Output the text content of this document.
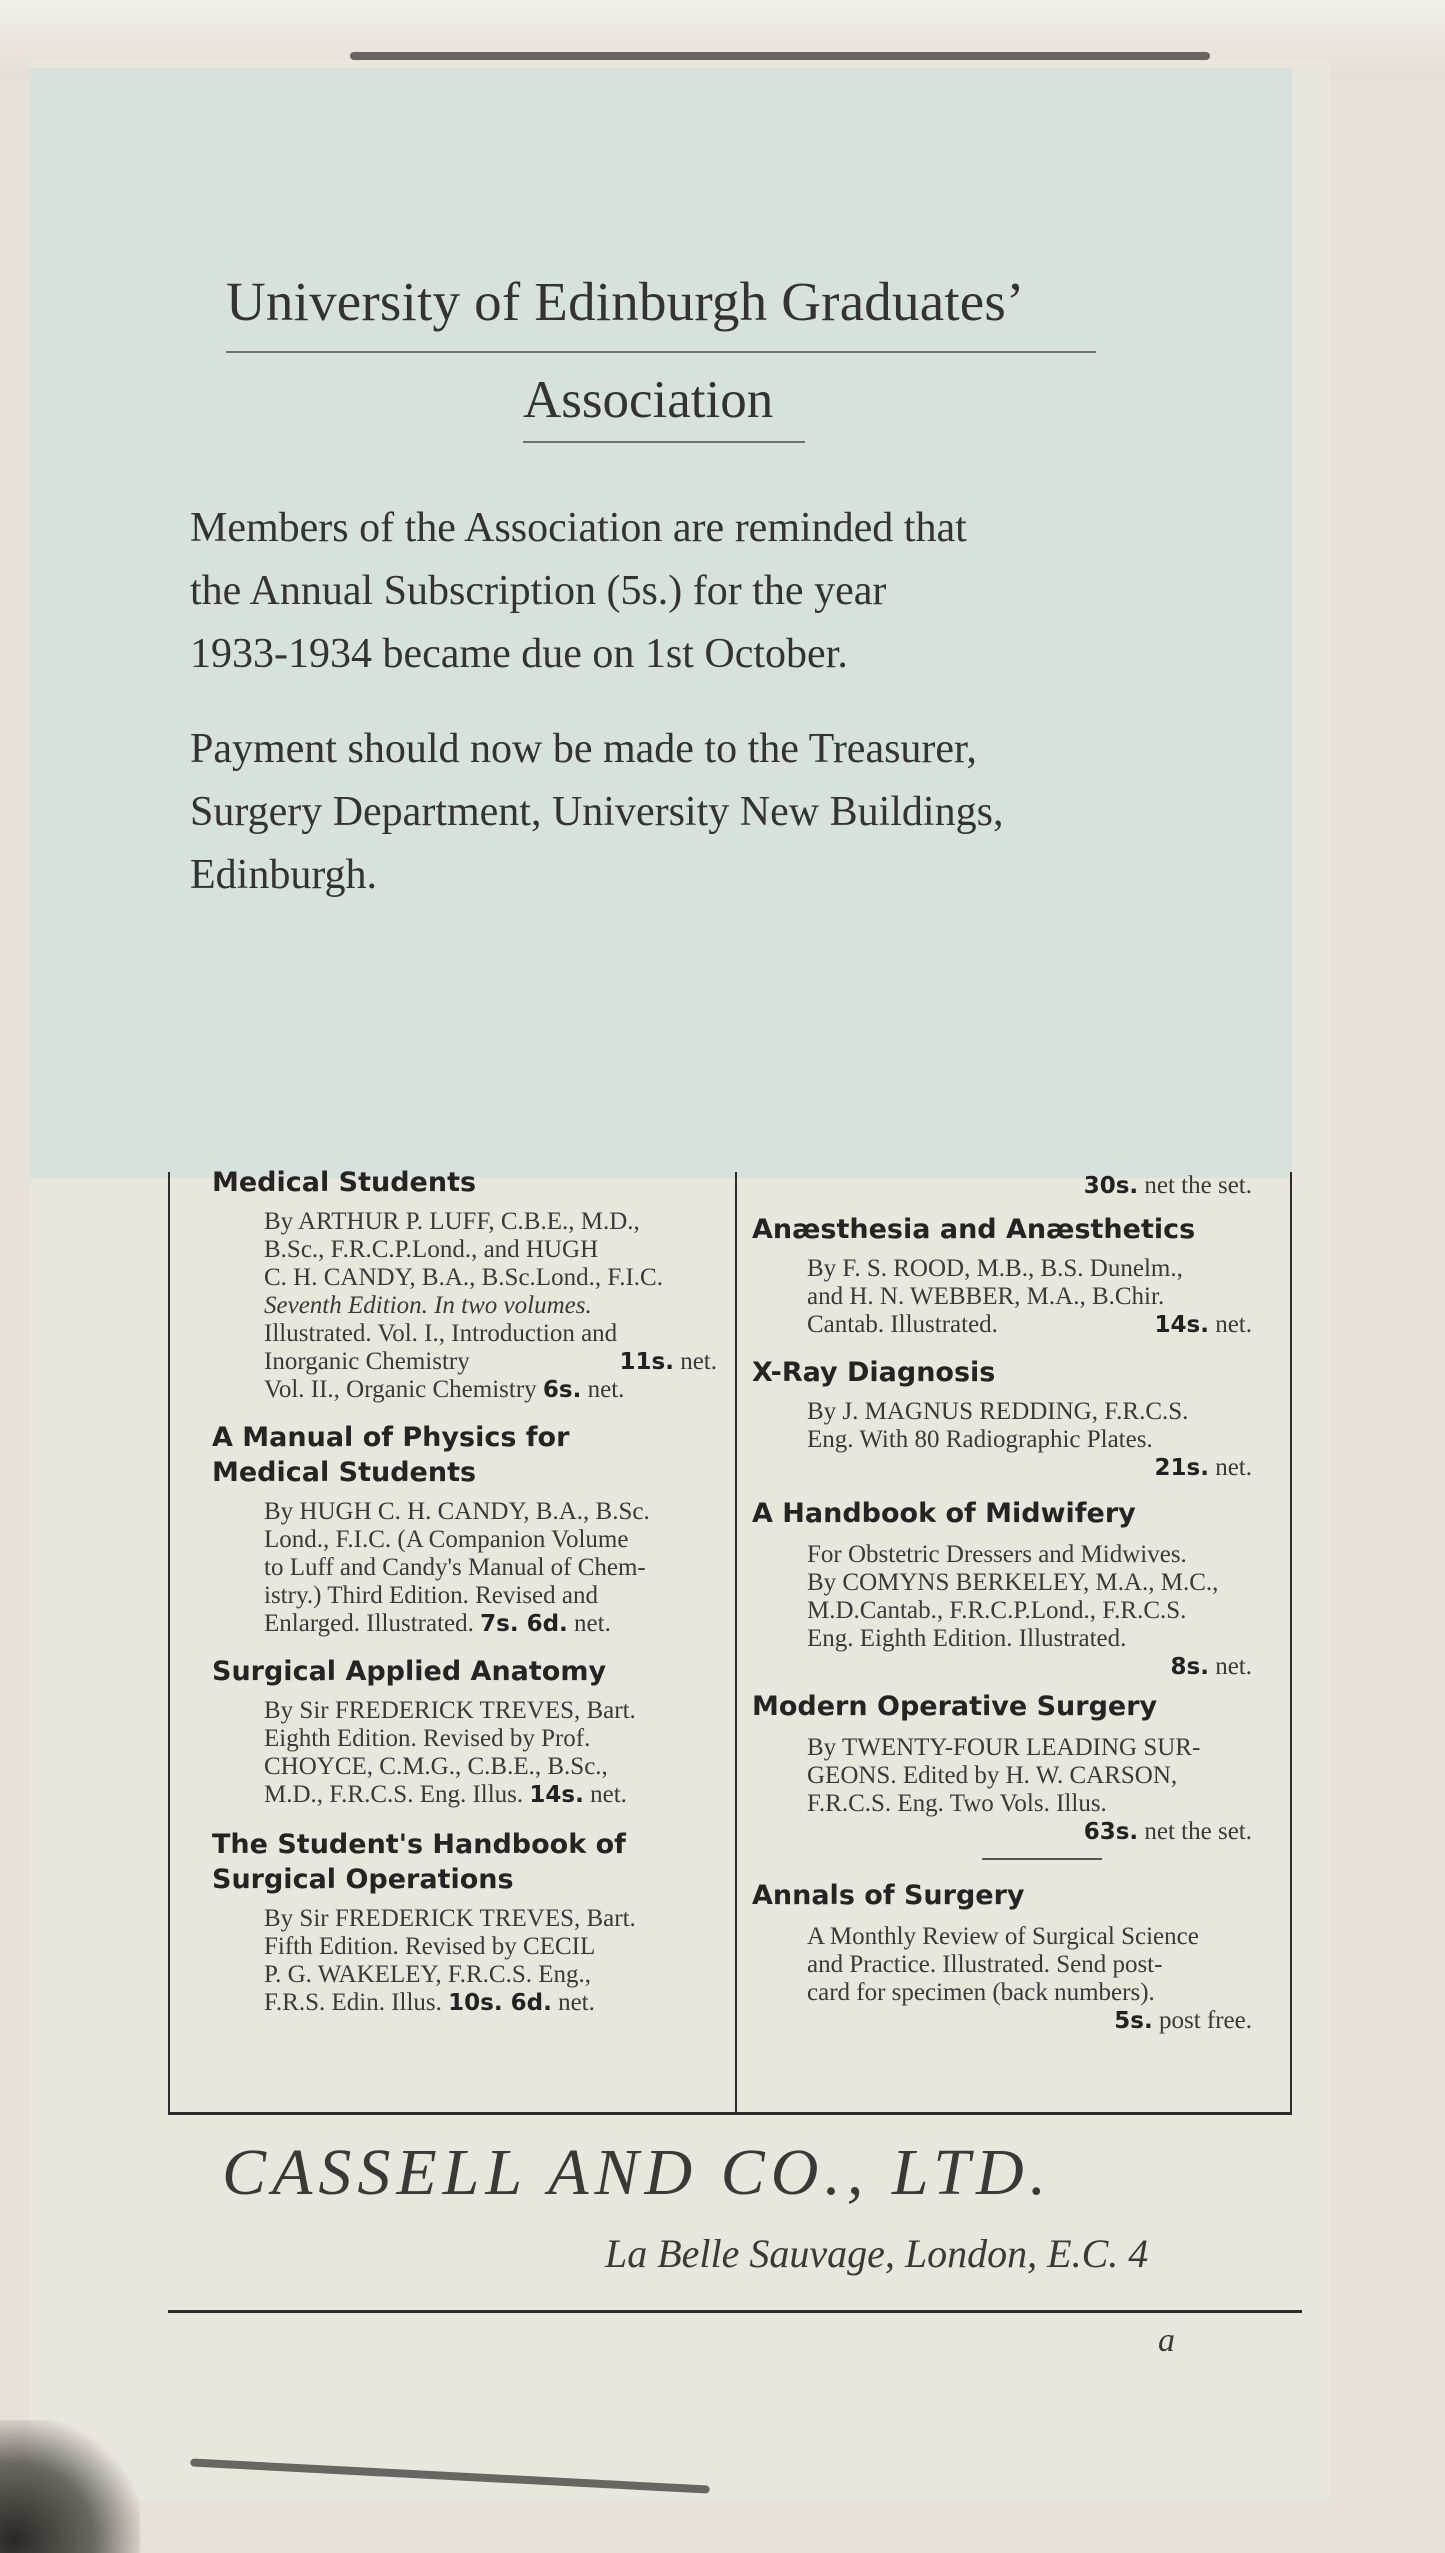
University of Edinburgh Graduates’
Association
Members of the Association are reminded that
the Annual Subscription (5s.) for the year
1933-1934 became due on 1st October.
Payment should now be made to the Treasurer,
Surgery Department, University New Buildings,
Edinburgh.

Medical Students

By ARTHUR P. LUFF, C.B.E., M.D.,

B.Sc., F.R.C.P.Lond., and HUGH

C. H. CANDY, B.A., B.Sc.Lond., F.I.C.

Seventh Edition. In two volumes.

Illustrated. Vol. I., Introduction and

Inorganic Chemistry	11s. net.

Vol. II., Organic Chemistry 6s. net.

A Manual of Physics for
Medical Students

By HUGH C. H. CANDY, B.A., B.Sc.

Lond., F.I.C. (A Companion Volume

to Luff and Candy's Manual of Chem-

istry.) Third Edition. Revised and

Enlarged. Illustrated. 7s. 6d. net.

Surgical Applied Anatomy

By Sir FREDERICK TREVES, Bart.

Eighth Edition. Revised by Prof.

CHOYCE, C.M.G., C.B.E., B.Sc.,

M.D., F.R.C.S. Eng. Illus. 14s. net.

The Student's Handbook of
Surgical Operations

By Sir FREDERICK TREVES, Bart.

Fifth Edition. Revised by CECIL

P. G. WAKELEY, F.R.C.S. Eng.,

F.R.S. Edin. Illus. 10s. 6d. net.

30s. net the set.

Anæsthesia and Anæsthetics

By F. S. ROOD, M.B., B.S. Dunelm.,

and H. N. WEBBER, M.A., B.Chir.

Cantab. Illustrated.	14s. net.

X-Ray Diagnosis

By J. MAGNUS REDDING, F.R.C.S.

Eng. With 80 Radiographic Plates.

21s. net.

A Handbook of Midwifery

For Obstetric Dressers and Midwives.

By COMYNS BERKELEY, M.A., M.C.,

M.D.Cantab., F.R.C.P.Lond., F.R.C.S.

Eng. Eighth Edition. Illustrated.

8s. net.

Modern Operative Surgery

By TWENTY-FOUR LEADING SUR-

GEONS. Edited by H. W. CARSON,

F.R.C.S. Eng. Two Vols. Illus.

63s. net the set.

Annals of Surgery

A Monthly Review of Surgical Science

and Practice. Illustrated. Send post-

card for specimen (back numbers).

5s. post free.

CASSELL AND CO., LTD.
La Belle Sauvage, London, E.C. 4
a
